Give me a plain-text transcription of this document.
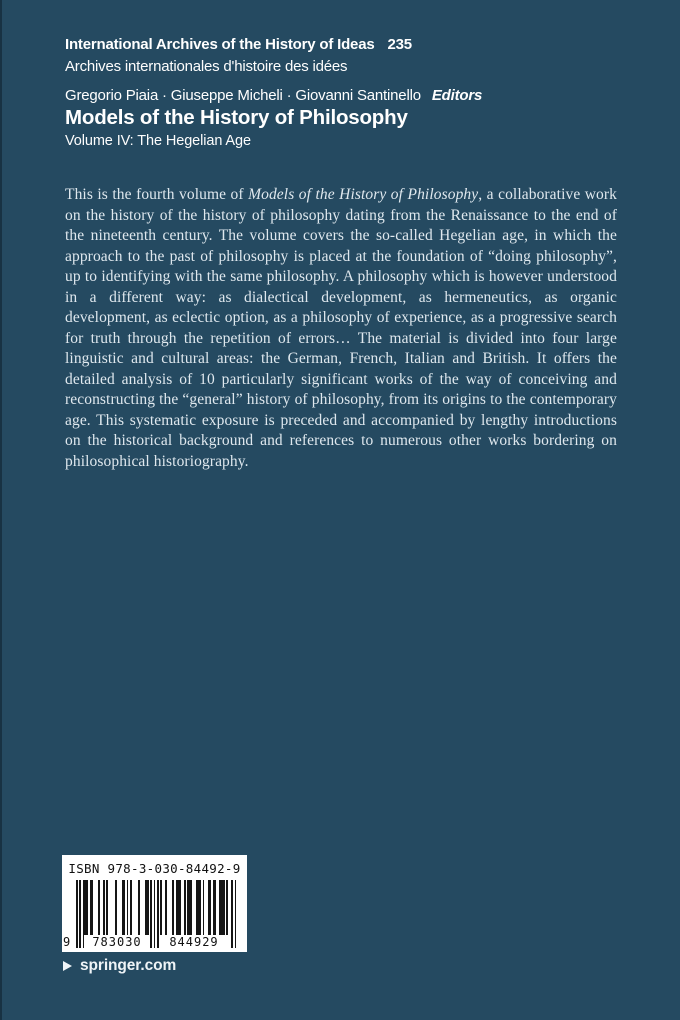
International Archives of the History of Ideas 235
Archives internationales d'histoire des idées
Gregorio Piaia · Giuseppe Micheli · Giovanni Santinello Editors
Models of the History of Philosophy
Volume IV: The Hegelian Age

This is the fourth volume of Models of the History of Philosophy, a collaborative work on the history of the history of philosophy dating from the Renaissance to the end of the nineteenth century. The volume covers the so-called Hegelian age, in which the approach to the past of philosophy is placed at the foundation of “doing philosophy”, up to identifying with the same philosophy. A philosophy which is however understood in a different way: as dialectical development, as hermeneutics, as organic development, as eclectic option, as a philosophy of experience, as a progressive search for truth through the repetition of errors… The material is divided into four large linguistic and cultural areas: the German, French, Italian and British. It offers the detailed analysis of 10 particularly significant works of the way of conceiving and reconstructing the “general” history of philosophy, from its origins to the contemporary age. This systematic exposure is preceded and accompanied by lengthy introductions on the historical background and references to numerous other works bordering on philosophical historiography.

ISBN 978-3-030-84492-9
9	783030	844929
springer.com
